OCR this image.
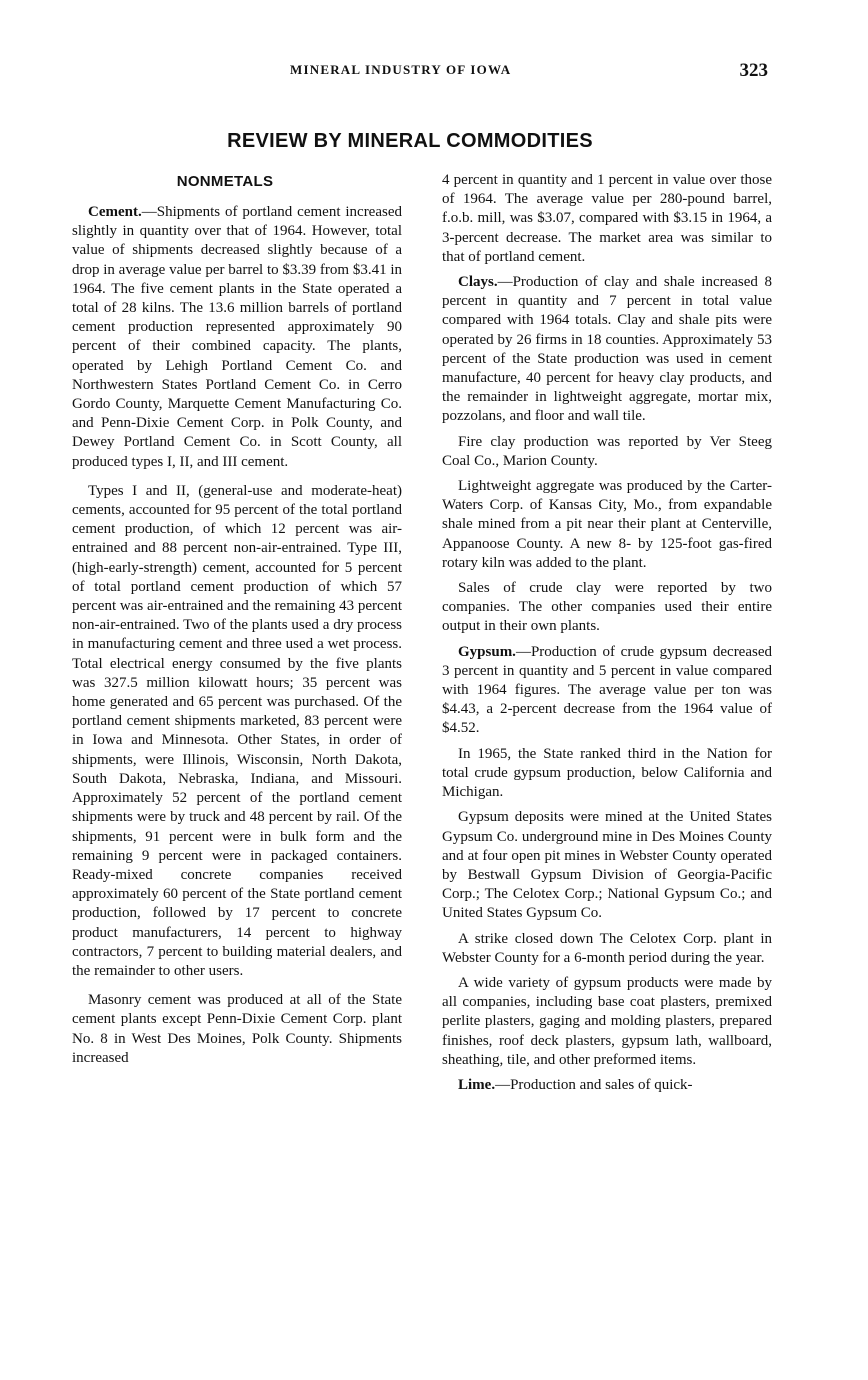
MINERAL INDUSTRY OF IOWA	323
REVIEW BY MINERAL COMMODITIES
NONMETALS

Cement.—Shipments of portland cement increased slightly in quantity over that of 1964. However, total value of shipments decreased slightly because of a drop in average value per barrel to $3.39 from $3.41 in 1964. The five cement plants in the State operated a total of 28 kilns. The 13.6 million barrels of portland cement production represented approximately 90 percent of their combined capacity. The plants, operated by Lehigh Portland Cement Co. and Northwestern States Portland Cement Co. in Cerro Gordo County, Marquette Cement Manufacturing Co. and Penn-Dixie Cement Corp. in Polk County, and Dewey Portland Cement Co. in Scott County, all produced types I, II, and III cement.

Types I and II, (general-use and moderate-heat) cements, accounted for 95 percent of the total portland cement production, of which 12 percent was air-entrained and 88 percent non-air-entrained. Type III, (high-early-strength) cement, accounted for 5 percent of total portland cement production of which 57 percent was air-entrained and the remaining 43 percent non-air-entrained. Two of the plants used a dry process in manufacturing cement and three used a wet process. Total electrical energy consumed by the five plants was 327.5 million kilowatt hours; 35 percent was home generated and 65 percent was purchased. Of the portland cement shipments marketed, 83 percent were in Iowa and Minnesota. Other States, in order of shipments, were Illinois, Wisconsin, North Dakota, South Dakota, Nebraska, Indiana, and Missouri. Approximately 52 percent of the portland cement shipments were by truck and 48 percent by rail. Of the shipments, 91 percent were in bulk form and the remaining 9 percent were in packaged containers. Ready-mixed concrete companies received approximately 60 percent of the State portland cement production, followed by 17 percent to concrete product manufacturers, 14 percent to highway contractors, 7 percent to building material dealers, and the remainder to other users.

Masonry cement was produced at all of the State cement plants except Penn-Dixie Cement Corp. plant No. 8 in West Des Moines, Polk County. Shipments increased

4 percent in quantity and 1 percent in value over those of 1964. The average value per 280-pound barrel, f.o.b. mill, was $3.07, compared with $3.15 in 1964, a 3-percent decrease. The market area was similar to that of portland cement.

Clays.—Production of clay and shale increased 8 percent in quantity and 7 percent in total value compared with 1964 totals. Clay and shale pits were operated by 26 firms in 18 counties. Approximately 53 percent of the State production was used in cement manufacture, 40 percent for heavy clay products, and the remainder in lightweight aggregate, mortar mix, pozzolans, and floor and wall tile.

Fire clay production was reported by Ver Steeg Coal Co., Marion County.

Lightweight aggregate was produced by the Carter-Waters Corp. of Kansas City, Mo., from expandable shale mined from a pit near their plant at Centerville, Appanoose County. A new 8- by 125-foot gas-fired rotary kiln was added to the plant.

Sales of crude clay were reported by two companies. The other companies used their entire output in their own plants.

Gypsum.—Production of crude gypsum decreased 3 percent in quantity and 5 percent in value compared with 1964 figures. The average value per ton was $4.43, a 2-percent decrease from the 1964 value of $4.52.

In 1965, the State ranked third in the Nation for total crude gypsum production, below California and Michigan.

Gypsum deposits were mined at the United States Gypsum Co. underground mine in Des Moines County and at four open pit mines in Webster County operated by Bestwall Gypsum Division of Georgia-Pacific Corp.; The Celotex Corp.; National Gypsum Co.; and United States Gypsum Co.

A strike closed down The Celotex Corp. plant in Webster County for a 6-month period during the year.

A wide variety of gypsum products were made by all companies, including base coat plasters, premixed perlite plasters, gaging and molding plasters, prepared finishes, roof deck plasters, gypsum lath, wallboard, sheathing, tile, and other preformed items.

Lime.—Production and sales of quick-
